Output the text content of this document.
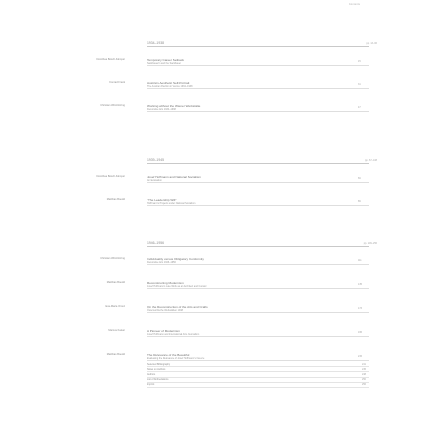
Contents
1934–1938	pp. 13–66
Dorothea Bosch-Kämper	Temporary Career Setback
Sackhauerin and the Sackhauer
15
Konrad Frank	Austria's Aesthetic Self-Portrait
The Austrian Pavilion in Venice 1934–1938
31
Christian Witt-Dörring	Working without the Wiener Werkstätte
Decorative Arts 1934–1938
47
1939–1945	pp. 67–108
Dorothea Bosch-Kämper	Josef Hoffmann and National Socialism
An Evaluation
69
Matthias Boeckl	“The Leadership Will”
Hoffmann's Projects under National Socialism
89
1946–1956	pp. 109–256
Christian Witt-Dörring	Individuality versus Obligatory Conformity
Decorative Arts 1946–1956
111
Matthias Boeckl	Reconstructing Modernism
Josef Hoffmann's Late Work as an Architect and Curator
135
Eva-Maria Orosz	On the Reconstruction of the Arts and Crafts
Österreichische Werkstätten 1948
173
Marcus Kaiser	A Pioneer of Modernism
Josef Hoffmann and International Arts Journalism
195
Matthias Boeckl	The Relevance of the Beautiful
Evaluating the Relevance of Josef Hoffmann's Oeuvre
215
Selected Bibliography	241
Notes on Authors	245
Authors	248
List of Abbreviations	250
Imprint	256
